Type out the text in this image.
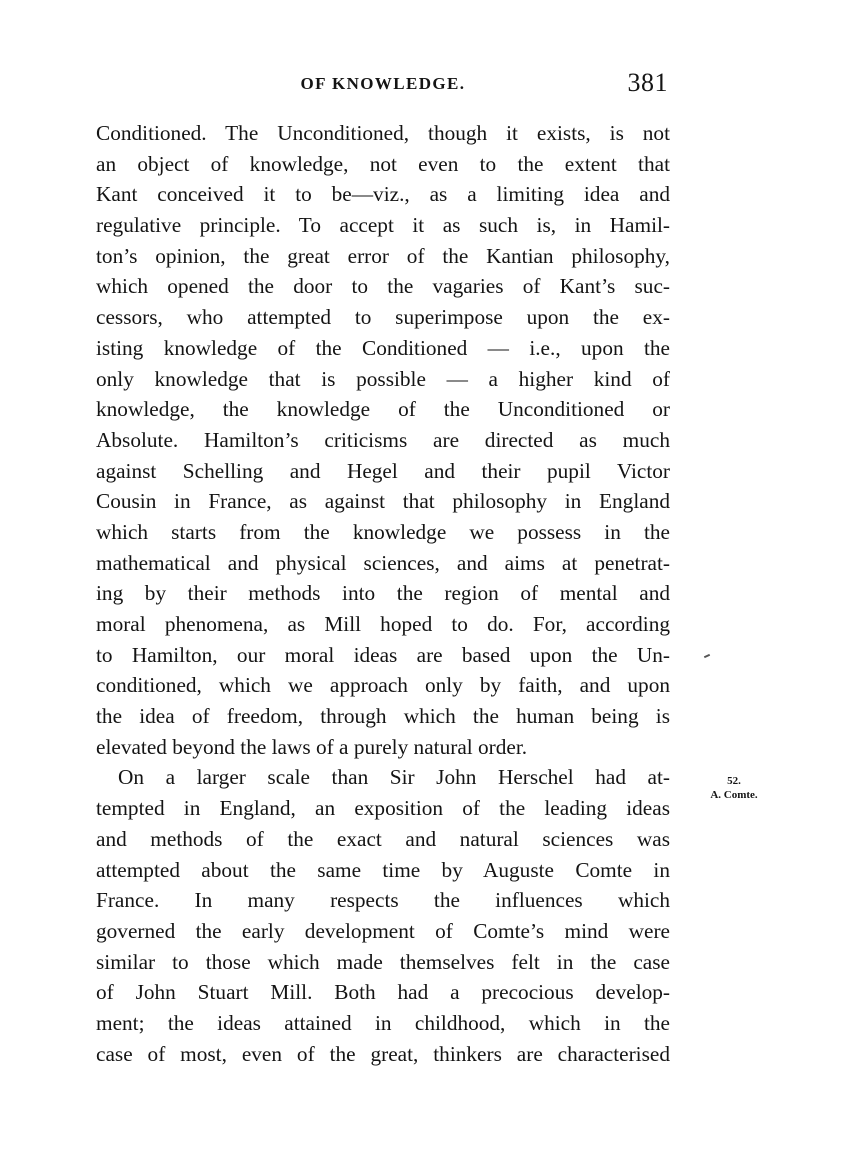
OF KNOWLEDGE.	381
Conditioned. The Unconditioned, though it exists, is not
an object of knowledge, not even to the extent that
Kant conceived it to be—viz., as a limiting idea and
regulative principle. To accept it as such is, in Hamil-
ton’s opinion, the great error of the Kantian philosophy,
which opened the door to the vagaries of Kant’s suc-
cessors, who attempted to superimpose upon the ex-
isting knowledge of the Conditioned — i.e., upon the
only knowledge that is possible — a higher kind of
knowledge, the knowledge of the Unconditioned or
Absolute. Hamilton’s criticisms are directed as much
against Schelling and Hegel and their pupil Victor
Cousin in France, as against that philosophy in England
which starts from the knowledge we possess in the
mathematical and physical sciences, and aims at penetrat-
ing by their methods into the region of mental and
moral phenomena, as Mill hoped to do. For, according
to Hamilton, our moral ideas are based upon the Un-
conditioned, which we approach only by faith, and upon
the idea of freedom, through which the human being is
elevated beyond the laws of a purely natural order.
On a larger scale than Sir John Herschel had at-
tempted in England, an exposition of the leading ideas
and methods of the exact and natural sciences was
attempted about the same time by Auguste Comte in
France. In many respects the influences which
governed the early development of Comte’s mind were
similar to those which made themselves felt in the case
of John Stuart Mill. Both had a precocious develop-
ment; the ideas attained in childhood, which in the
case of most, even of the great, thinkers are characterised
52.
A. Comte.
